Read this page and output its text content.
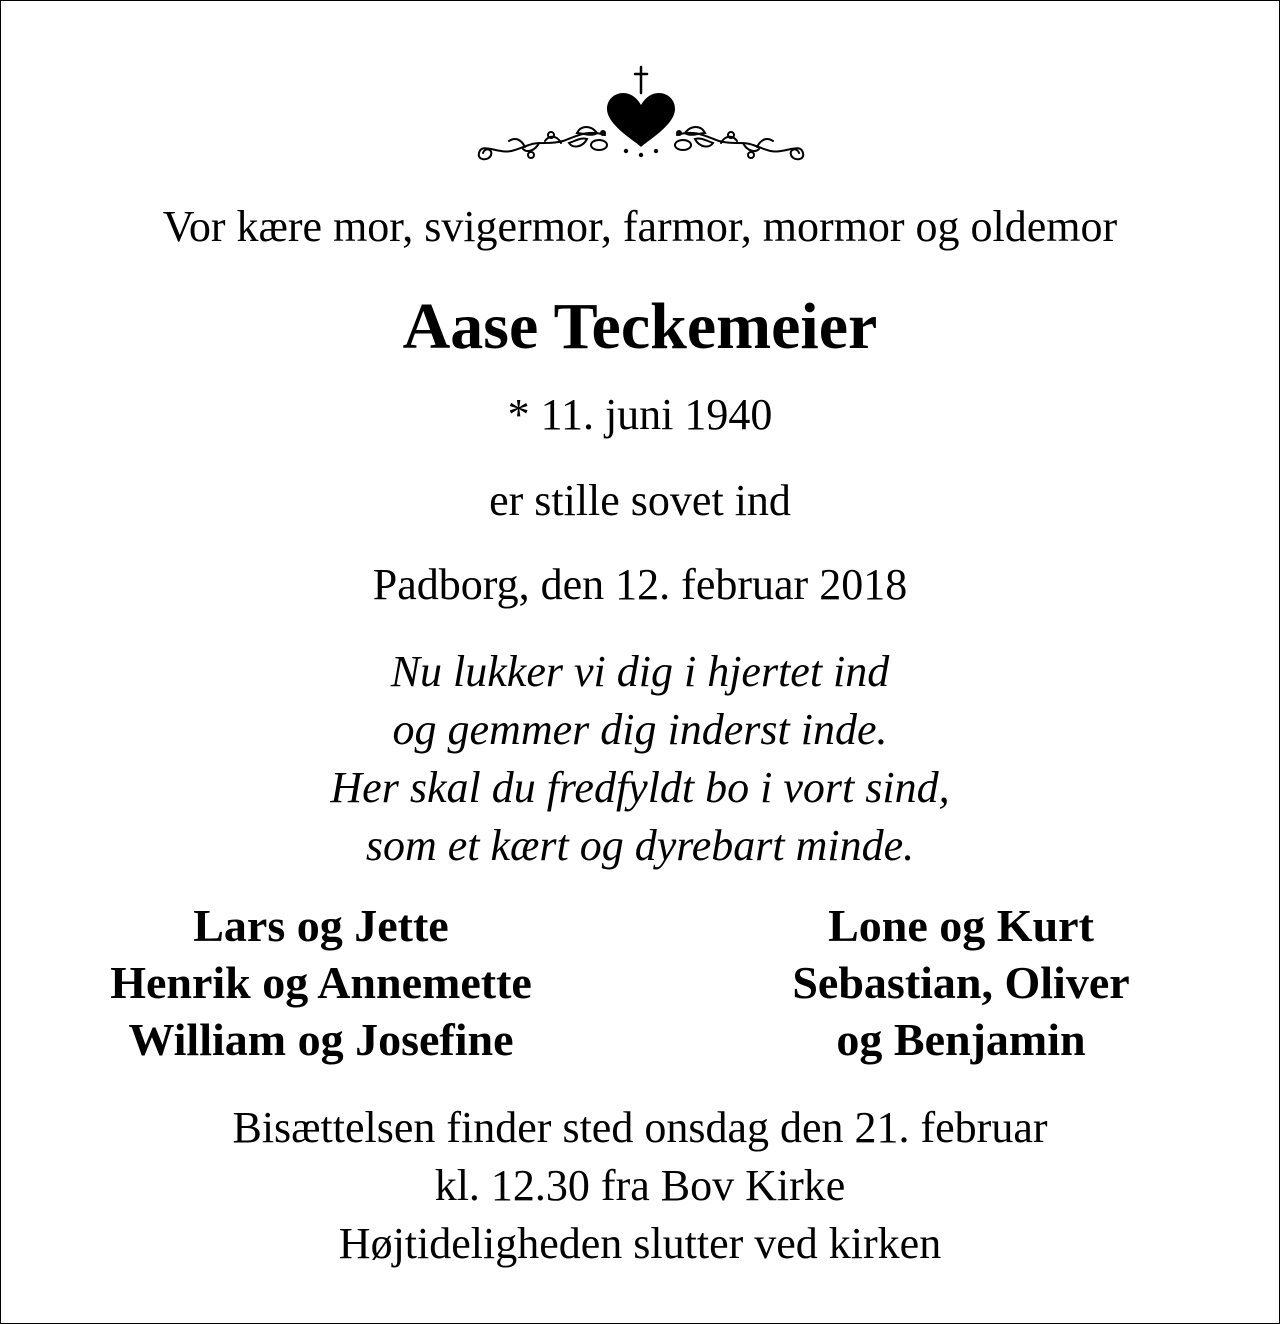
Vor kære mor, svigermor, farmor, mormor og oldemor
Aase Teckemeier
* 11. juni 1940
er stille sovet ind
Padborg, den 12. februar 2018
Nu lukker vi dig i hjertet ind
og gemmer dig inderst inde.
Her skal du fredfyldt bo i vort sind,
som et kært og dyrebart minde.
Lars og Jette
Henrik og Annemette
William og Josefine
Lone og Kurt
Sebastian, Oliver
og Benjamin
Bisættelsen finder sted onsdag den 21. februar
kl. 12.30 fra Bov Kirke
Højtideligheden slutter ved kirken
